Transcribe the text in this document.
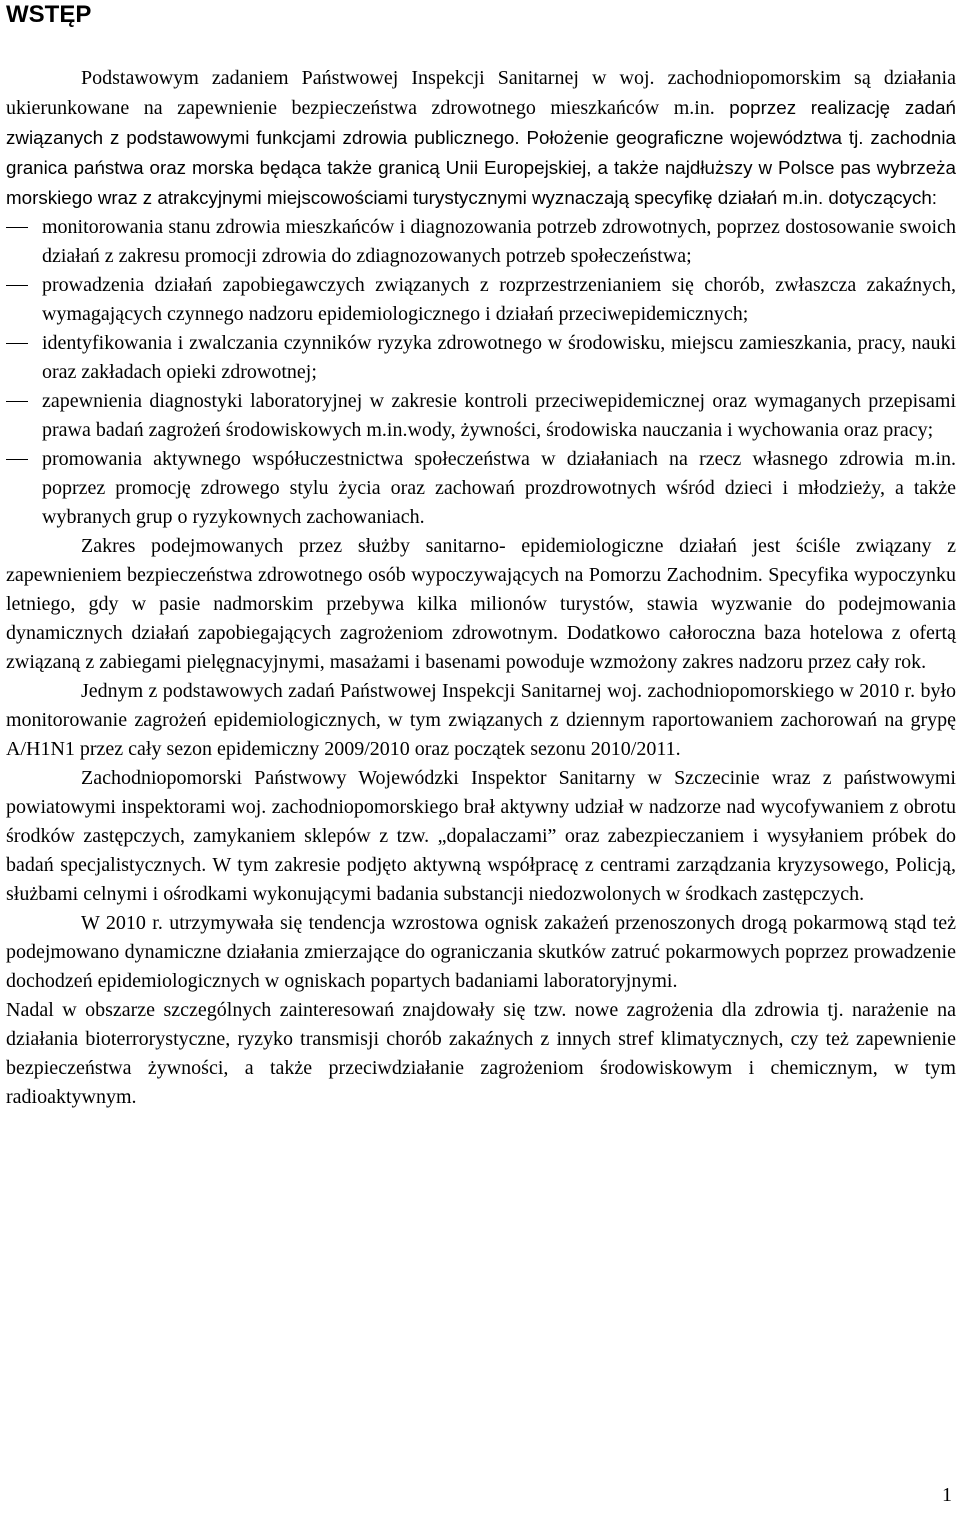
WSTĘP

Podstawowym zadaniem Państwowej Inspekcji Sanitarnej w woj. zachodniopomorskim są działania ukierunkowane na zapewnienie bezpieczeństwa zdrowotnego mieszkańców m.in. poprzez realizację zadań związanych z podstawowymi funkcjami zdrowia publicznego. Położenie geograficzne województwa tj. zachodnia granica państwa oraz morska będąca także granicą Unii Europejskiej, a także najdłuższy w Polsce pas wybrzeża morskiego wraz z atrakcyjnymi miejscowościami turystycznymi wyznaczają specyfikę działań m.in. dotyczących:

monitorowania stanu zdrowia mieszkańców i diagnozowania potrzeb zdrowotnych, poprzez dostosowanie swoich działań z zakresu promocji zdrowia do zdiagnozowanych potrzeb społeczeństwa;
prowadzenia działań zapobiegawczych związanych z rozprzestrzenianiem się chorób, zwłaszcza zakaźnych, wymagających czynnego nadzoru epidemiologicznego i działań przeciwepidemicznych;
identyfikowania i zwalczania czynników ryzyka zdrowotnego w środowisku, miejscu zamieszkania, pracy, nauki oraz zakładach opieki zdrowotnej;
zapewnienia diagnostyki laboratoryjnej w zakresie kontroli przeciwepidemicznej oraz wymaganych przepisami prawa badań zagrożeń środowiskowych m.in.wody, żywności, środowiska nauczania i wychowania oraz pracy;
promowania aktywnego współuczestnictwa społeczeństwa w działaniach na rzecz własnego zdrowia m.in. poprzez promocję zdrowego stylu życia oraz zachowań prozdrowotnych wśród dzieci i młodzieży, a także wybranych grup o ryzykownych zachowaniach.

Zakres podejmowanych przez służby sanitarno- epidemiologiczne działań jest ściśle związany z zapewnieniem bezpieczeństwa zdrowotnego osób wypoczywających na Pomorzu Zachodnim. Specyfika wypoczynku letniego, gdy w pasie nadmorskim przebywa kilka milionów turystów, stawia wyzwanie do podejmowania dynamicznych działań zapobiegających zagrożeniom zdrowotnym. Dodatkowo całoroczna baza hotelowa z ofertą związaną z zabiegami pielęgnacyjnymi, masażami i basenami powoduje wzmożony zakres nadzoru przez cały rok.

Jednym z podstawowych zadań Państwowej Inspekcji Sanitarnej woj. zachodniopomorskiego w 2010 r. było monitorowanie zagrożeń epidemiologicznych, w tym związanych z dziennym raportowaniem zachorowań na grypę A/H1N1 przez cały sezon epidemiczny 2009/2010 oraz początek sezonu 2010/2011.

Zachodniopomorski Państwowy Wojewódzki Inspektor Sanitarny w Szczecinie wraz z państwowymi powiatowymi inspektorami woj. zachodniopomorskiego brał aktywny udział w nadzorze nad wycofywaniem z obrotu środków zastępczych, zamykaniem sklepów z tzw. „dopalaczami” oraz zabezpieczaniem i wysyłaniem próbek do badań specjalistycznych. W tym zakresie podjęto aktywną współpracę z centrami zarządzania kryzysowego, Policją, służbami celnymi i ośrodkami wykonującymi badania substancji niedozwolonych w środkach zastępczych.

W 2010 r. utrzymywała się tendencja wzrostowa ognisk zakażeń przenoszonych drogą pokarmową stąd też podejmowano dynamiczne działania zmierzające do ograniczania skutków zatruć pokarmowych poprzez prowadzenie dochodzeń epidemiologicznych w ogniskach popartych badaniami laboratoryjnymi.

Nadal w obszarze szczególnych zainteresowań znajdowały się tzw. nowe zagrożenia dla zdrowia tj. narażenie na działania bioterrorystyczne, ryzyko transmisji chorób zakaźnych z innych stref klimatycznych, czy też zapewnienie bezpieczeństwa żywności, a także przeciwdziałanie zagrożeniom środowiskowym i chemicznym, w tym radioaktywnym.

1
